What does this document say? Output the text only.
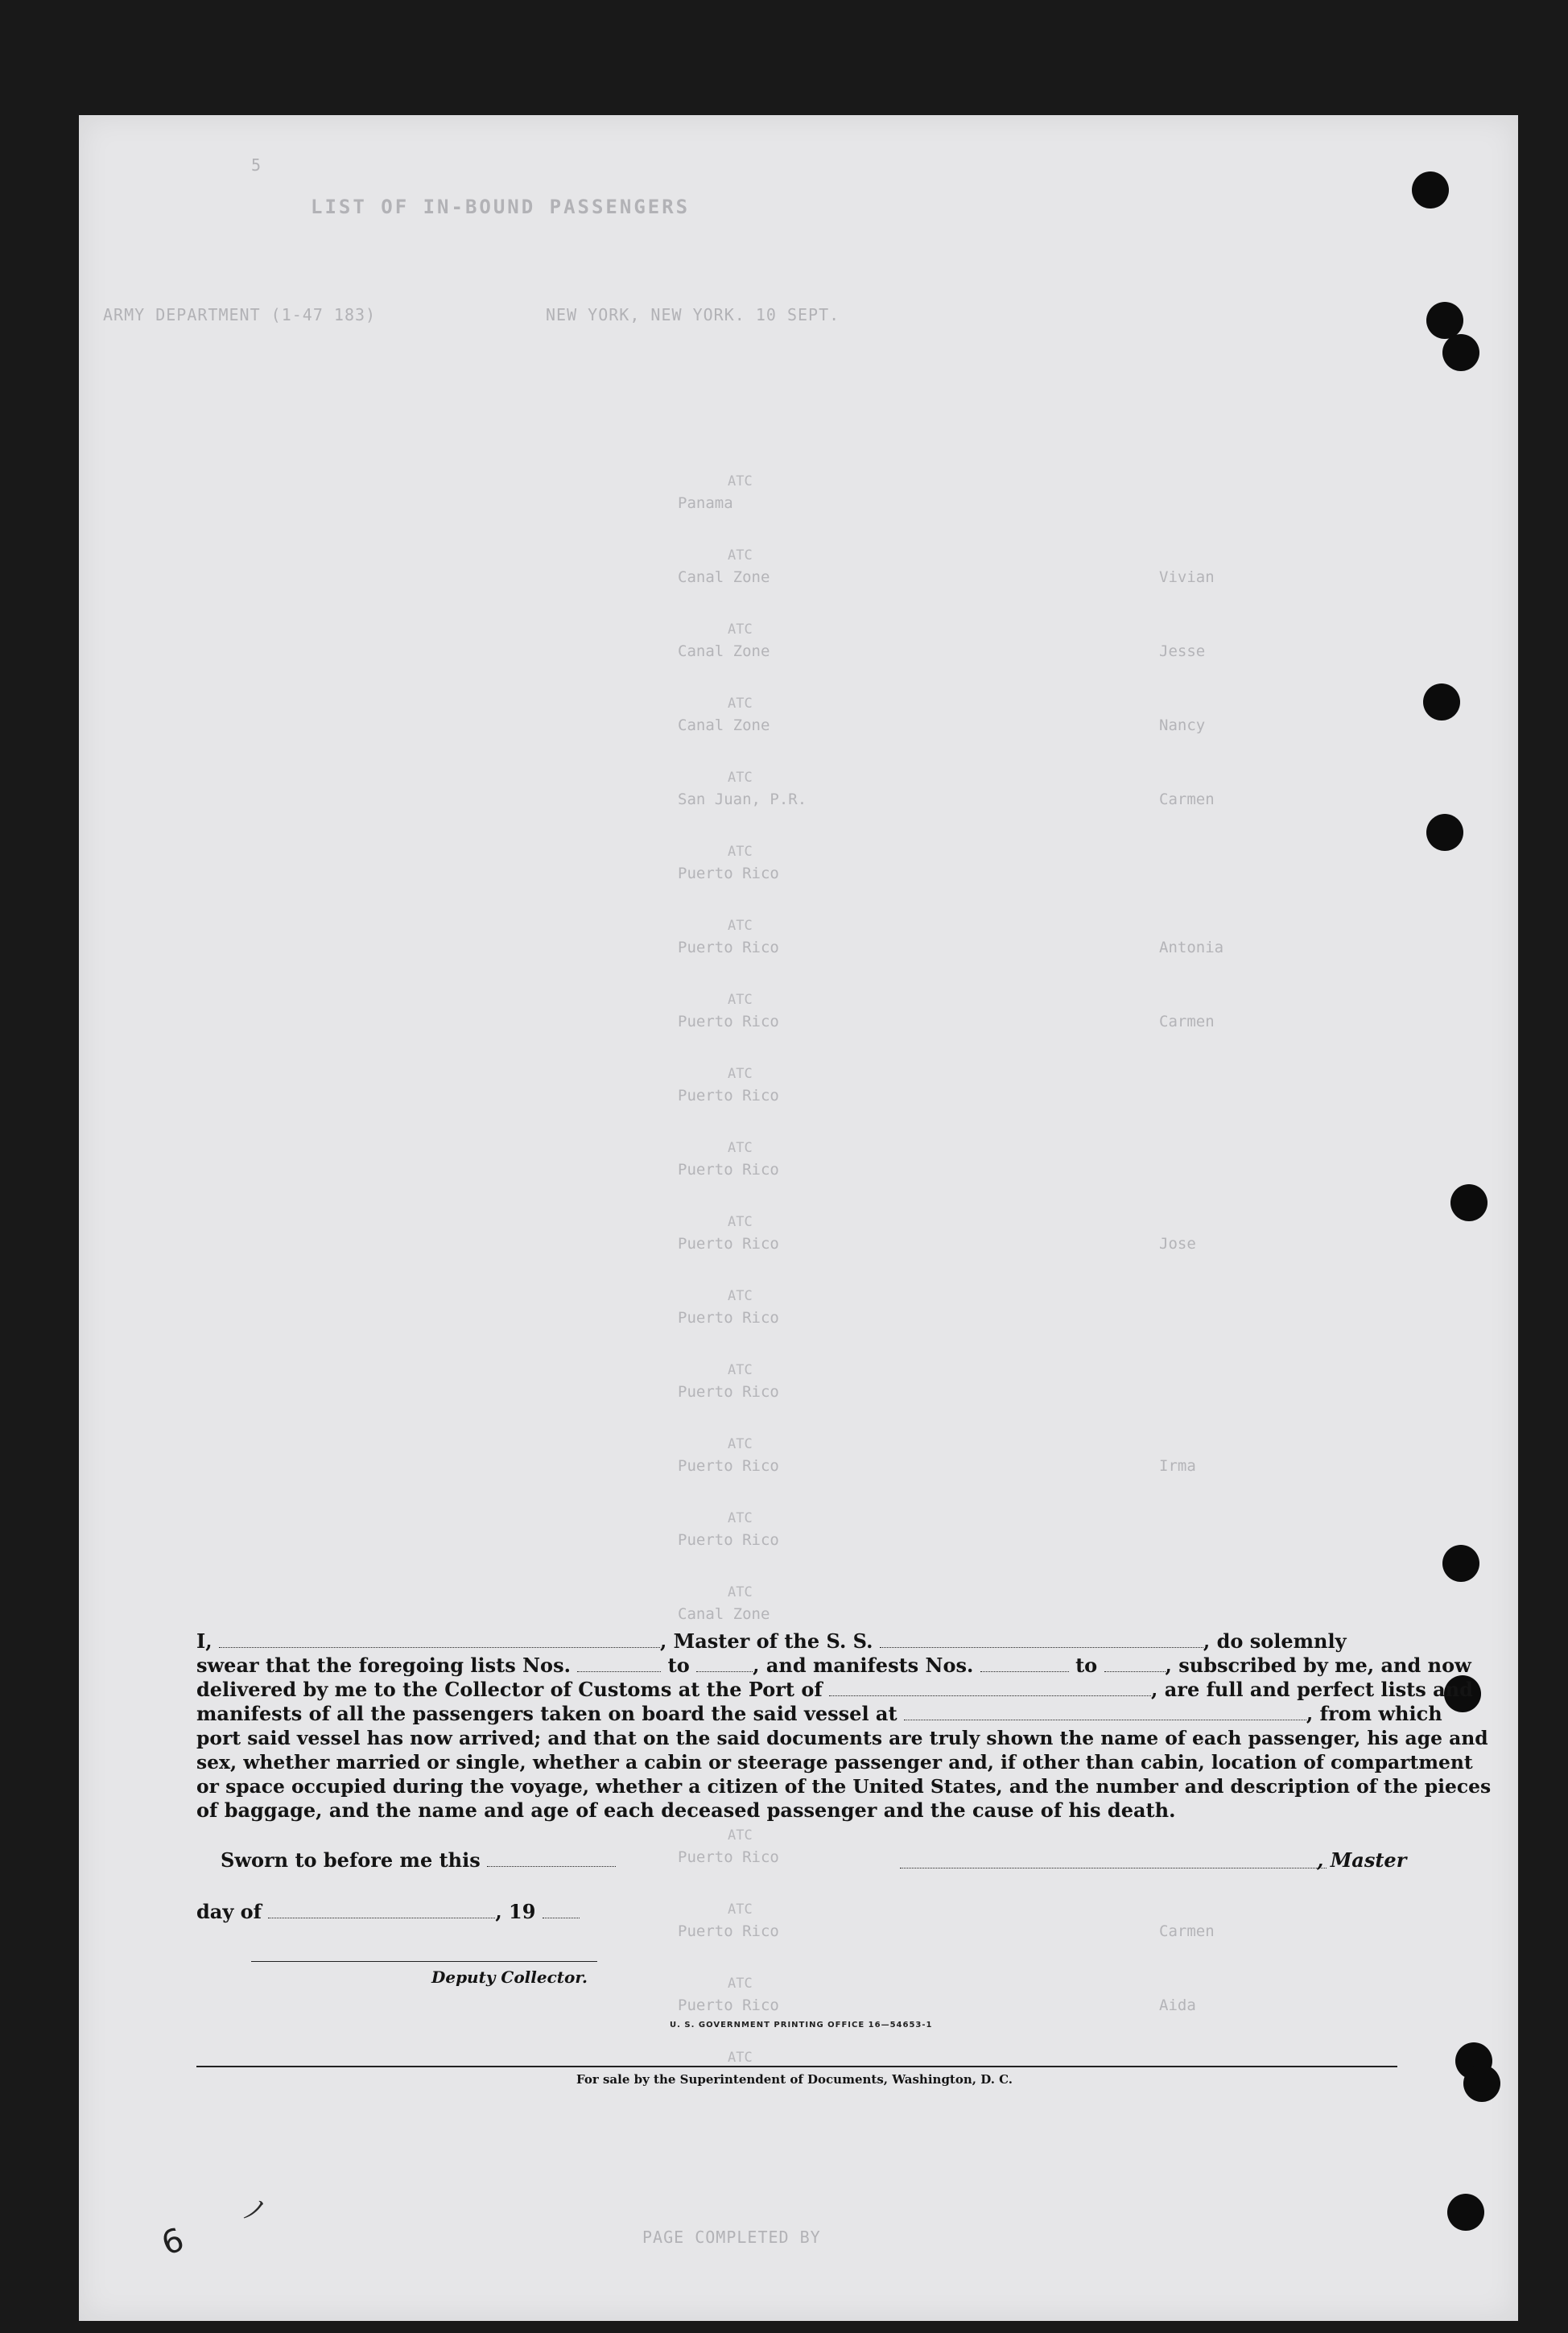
5
LIST OF IN-BOUND PASSENGERS
NEW YORK, NEW YORK. 10 SEPT.
ARMY DEPARTMENT (1-47 183)
PAGE COMPLETED BY
ATC
Panama
ATC
Canal Zone	Vivian
ATC
Canal Zone	Jesse
ATC
Canal Zone	Nancy
ATC
San Juan, P.R.	Carmen
ATC
Puerto Rico
ATC
Puerto Rico	Antonia
ATC
Puerto Rico	Carmen
ATC
Puerto Rico
ATC
Puerto Rico
ATC
Puerto Rico	Jose
ATC
Puerto Rico
ATC
Puerto Rico
ATC
Puerto Rico	Irma
ATC
Puerto Rico
ATC
Canal Zone
ATC
Puerto Rico
ATC
Puerto Rico	Carmen
ATC
Puerto Rico	Aida
ATC
I,	, Master of the S. S.	, do solemnly
swear that the foregoing lists Nos.	to	, and manifests Nos.	to	, subscribed by me, and now
delivered by me to the Collector of Customs at the Port of	, are full and perfect lists and
manifests of all the passengers taken on board the said vessel at	, from which
port said vessel has now arrived; and that on the said documents are truly shown the name of each passenger, his age and
sex, whether married or single, whether a cabin or steerage passenger and, if other than cabin, location of compartment
or space occupied during the voyage, whether a citizen of the United States, and the number and description of the pieces
of baggage, and the name and age of each deceased passenger and the cause of his death.
Sworn to before me this
day of	, 19
, Master
Deputy Collector.
U. S. GOVERNMENT PRINTING OFFICE 16—54653-1
For sale by the Superintendent of Documents, Washington, D. C.
6
ノ
